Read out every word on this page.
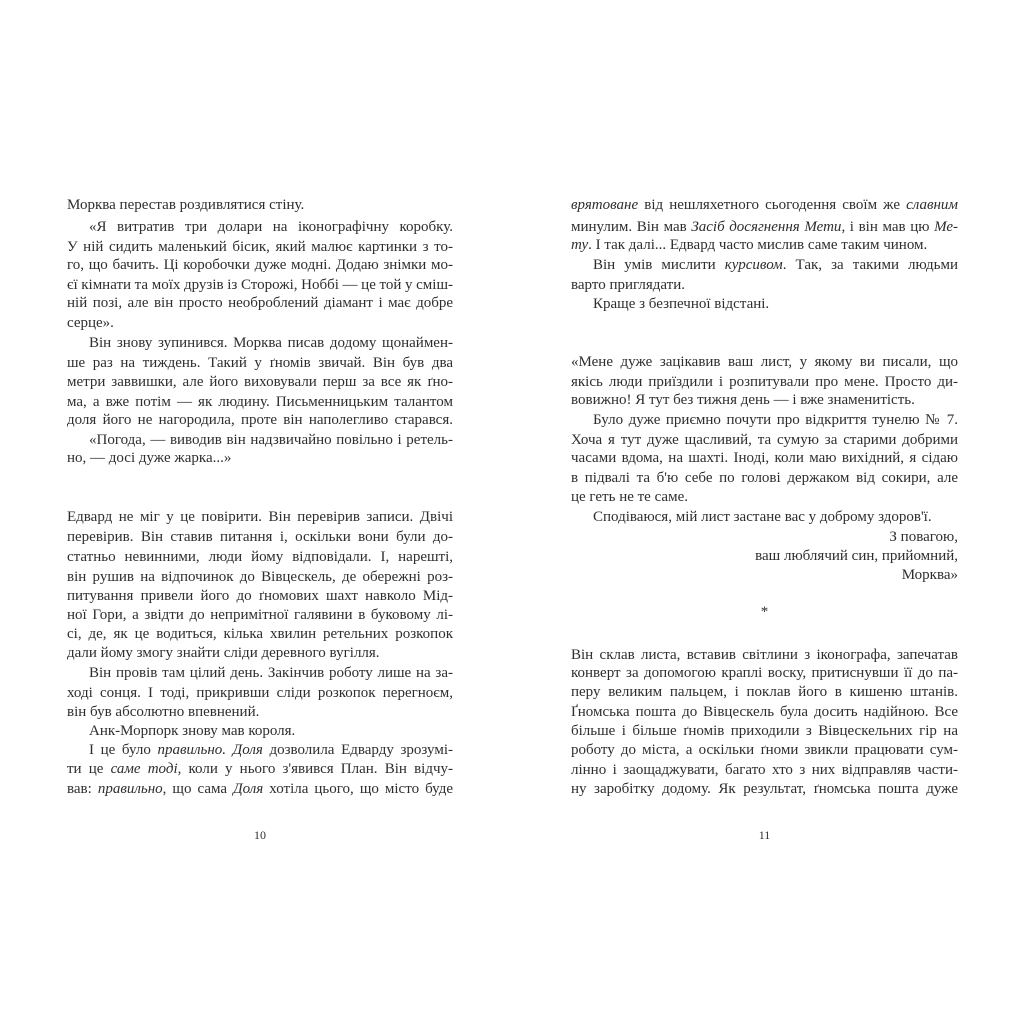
10
Морква перестав роздивлятися стіну.
«Я витратив три долари на іконографічну коробку.
У ній сидить маленький бісик, який малює картинки з то-
го, що бачить. Ці коробочки дуже модні. Додаю знімки мо-
єї кімнати та моїх друзів із Сторожі, Ноббі — це той у сміш-
ній позі, але він просто необроблений діамант і має добре
серце».
Він знову зупинився. Морква писав додому щонаймен-
ше раз на тиждень. Такий у ґномів звичай. Він був два
метри заввишки, але його виховували перш за все як ґно-
ма, а вже потім — як людину. Письменницьким талантом
доля його не нагородила, проте він наполегливо старався.
«Погода, — виводив він надзвичайно повільно і ретель-
но, — досі дуже жарка...»
Едвард не міг у це повірити. Він перевірив записи. Двічі
перевірив. Він ставив питання і, оскільки вони були до-
статньо невинними, люди йому відповідали. І, нарешті,
він рушив на відпочинок до Вівцескель, де обережні роз-
питування привели його до ґномових шахт навколо Мід-
ної Гори, а звідти до непримітної галявини в буковому лі-
сі, де, як це водиться, кілька хвилин ретельних розкопок
дали йому змогу знайти сліди деревного вугілля.
Він провів там цілий день. Закінчив роботу лише на за-
ході сонця. І тоді, прикривши сліди розкопок перегноєм,
він був абсолютно впевнений.
Анк-Морпорк знову мав короля.
І це було правильно. Доля дозволила Едварду зрозумі-
ти це саме тоді, коли у нього з'явився План. Він відчу-
вав: правильно, що сама Доля хотіла цього, що місто буде
11
врятоване від нешляхетного сьогодення своїм же славним
минулим. Він мав Засіб досягнення Мети, і він мав цю Ме-
ту. І так далі... Едвард часто мислив саме таким чином.
Він умів мислити курсивом. Так, за такими людьми
варто приглядати.
Краще з безпечної відстані.
«Мене дуже зацікавив ваш лист, у якому ви писали, що
якісь люди приїздили і розпитували про мене. Просто ди-
вовижно! Я тут без тижня день — і вже знаменитість.
Було дуже приємно почути про відкриття тунелю № 7.
Хоча я тут дуже щасливий, та сумую за старими добрими
часами вдома, на шахті. Іноді, коли маю вихідний, я сідаю
в підвалі та б'ю себе по голові держаком від сокири, але
це геть не те саме.
Сподіваюся, мій лист застане вас у доброму здоров'ї.
З повагою,
ваш люблячий син, прийомний,
Морква»
*
Він склав листа, вставив світлини з іконографа, запечатав
конверт за допомогою краплі воску, притиснувши її до па-
перу великим пальцем, і поклав його в кишеню штанів.
Ґномська пошта до Вівцескель була досить надійною. Все
більше і більше ґномів приходили з Вівцескельних гір на
роботу до міста, а оскільки ґноми звикли працювати сум-
лінно і заощаджувати, багато хто з них відправляв части-
ну заробітку додому. Як результат, ґномська пошта дуже
